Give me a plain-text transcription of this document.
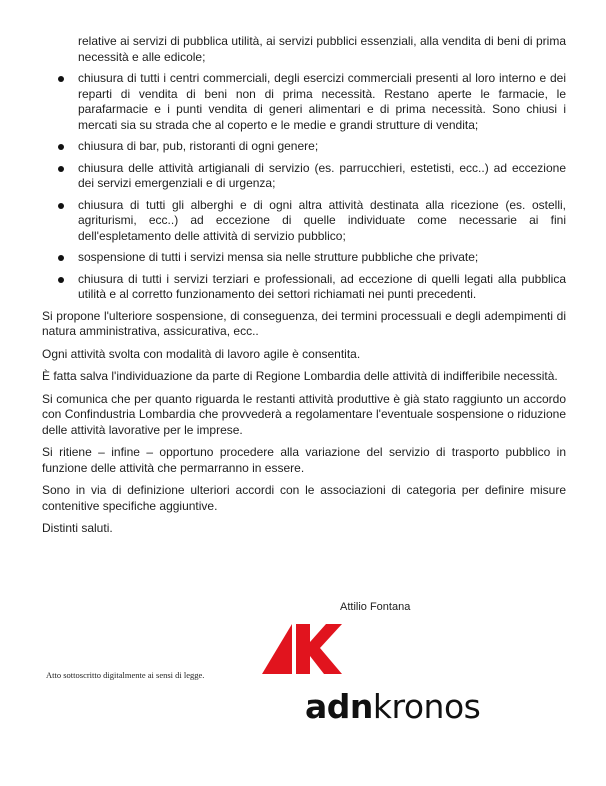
relative ai servizi di pubblica utilità, ai servizi pubblici essenziali, alla vendita di beni di prima necessità e alle edicole;
chiusura di tutti i centri commerciali, degli esercizi commerciali presenti al loro interno e dei reparti di vendita di beni non di prima necessità. Restano aperte le farmacie, le parafarmacie e i punti vendita di generi alimentari e di prima necessità. Sono chiusi i mercati sia su strada che al coperto e le medie e grandi strutture di vendita;
chiusura di bar, pub, ristoranti di ogni genere;
chiusura delle attività artigianali di servizio (es. parrucchieri, estetisti, ecc..) ad eccezione dei servizi emergenziali e di urgenza;
chiusura di tutti gli alberghi e di ogni altra attività destinata alla ricezione (es. ostelli, agriturismi, ecc..) ad eccezione di quelle individuate come necessarie ai fini dell'espletamento delle attività di servizio pubblico;
sospensione di tutti i servizi mensa sia nelle strutture pubbliche che private;
chiusura di tutti i servizi terziari e professionali, ad eccezione di quelli legati alla pubblica utilità e al corretto funzionamento dei settori richiamati nei punti precedenti.

Si propone l'ulteriore sospensione, di conseguenza, dei termini processuali e degli adempimenti di natura amministrativa, assicurativa, ecc..

Ogni attività svolta con modalità di lavoro agile è consentita.

È fatta salva l'individuazione da parte di Regione Lombardia delle attività di indifferibile necessità.

Si comunica che per quanto riguarda le restanti attività produttive è già stato raggiunto un accordo con Confindustria Lombardia che provvederà a regolamentare l'eventuale sospensione o riduzione delle attività lavorative per le imprese.

Si ritiene – infine – opportuno procedere alla variazione del servizio di trasporto pubblico in funzione delle attività che permarranno in essere.

Sono in via di definizione ulteriori accordi con le associazioni di categoria per definire misure contenitive specifiche aggiuntive.

Distinti saluti.

Attilio Fontana
Atto sottoscritto digitalmente ai sensi di legge.
adnkronos
